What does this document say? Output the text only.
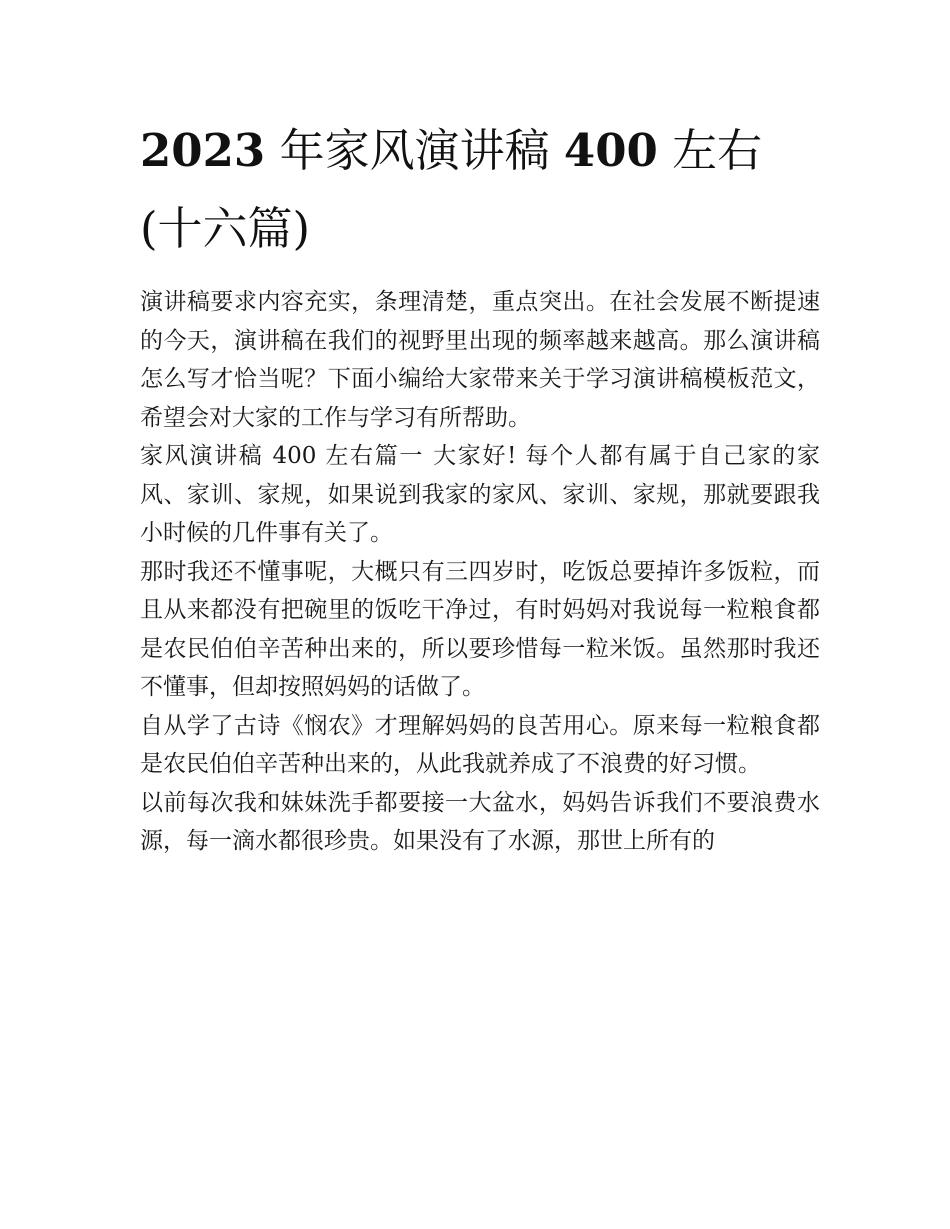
2023 年家风演讲稿 400 左右(十六篇)

演讲稿要求内容充实，条理清楚，重点突出。在社会发展不断提速的今天，演讲稿在我们的视野里出现的频率越来越高。那么演讲稿怎么写才恰当呢？下面小编给大家带来关于学习演讲稿模板范文，希望会对大家的工作与学习有所帮助。

家风演讲稿 400 左右篇一 大家好! 每个人都有属于自己家的家风、家训、家规，如果说到我家的家风、家训、家规，那就要跟我小时候的几件事有关了。

那时我还不懂事呢，大概只有三四岁时，吃饭总要掉许多饭粒，而且从来都没有把碗里的饭吃干净过，有时妈妈对我说每一粒粮食都是农民伯伯辛苦种出来的，所以要珍惜每一粒米饭。虽然那时我还不懂事，但却按照妈妈的话做了。

自从学了古诗《悯农》才理解妈妈的良苦用心。原来每一粒粮食都是农民伯伯辛苦种出来的，从此我就养成了不浪费的好习惯。

以前每次我和妹妹洗手都要接一大盆水，妈妈告诉我们不要浪费水源，每一滴水都很珍贵。如果没有了水源，那世上所有的
